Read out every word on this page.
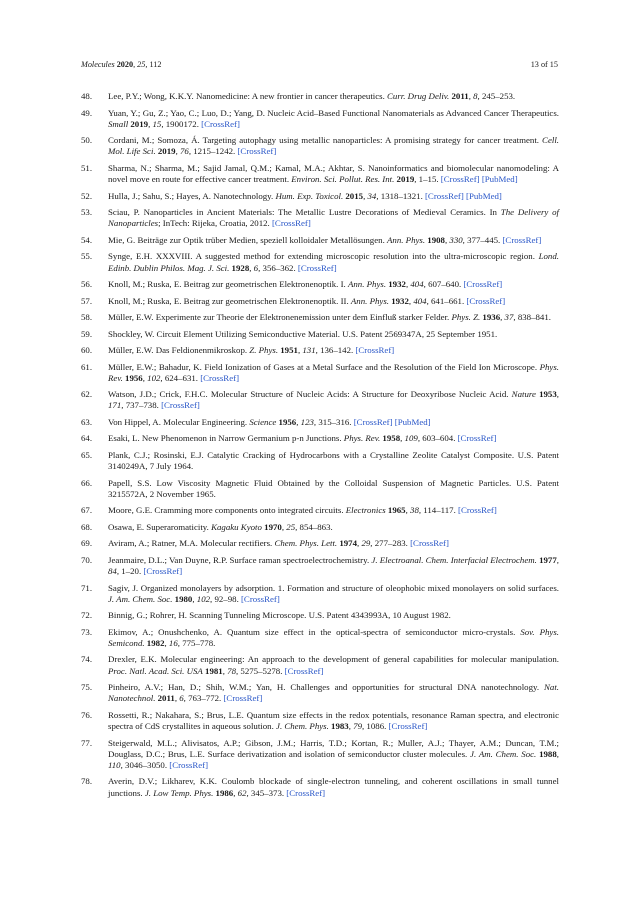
Molecules 2020, 25, 112	13 of 15
48. Lee, P.Y.; Wong, K.K.Y. Nanomedicine: A new frontier in cancer therapeutics. Curr. Drug Deliv. 2011, 8, 245–253.
49. Yuan, Y.; Gu, Z.; Yao, C.; Luo, D.; Yang, D. Nucleic Acid–Based Functional Nanomaterials as Advanced Cancer Therapeutics. Small 2019, 15, 1900172. [CrossRef]
50. Cordani, M.; Somoza, Á. Targeting autophagy using metallic nanoparticles: A promising strategy for cancer treatment. Cell. Mol. Life Sci. 2019, 76, 1215–1242. [CrossRef]
51. Sharma, N.; Sharma, M.; Sajid Jamal, Q.M.; Kamal, M.A.; Akhtar, S. Nanoinformatics and biomolecular nanomodeling: A novel move en route for effective cancer treatment. Environ. Sci. Pollut. Res. Int. 2019, 1–15. [CrossRef] [PubMed]
52. Hulla, J.; Sahu, S.; Hayes, A. Nanotechnology. Hum. Exp. Toxicol. 2015, 34, 1318–1321. [CrossRef] [PubMed]
53. Sciau, P. Nanoparticles in Ancient Materials: The Metallic Lustre Decorations of Medieval Ceramics. In The Delivery of Nanoparticles; InTech: Rijeka, Croatia, 2012. [CrossRef]
54. Mie, G. Beiträge zur Optik trüber Medien, speziell kolloidaler Metallösungen. Ann. Phys. 1908, 330, 377–445. [CrossRef]
55. Synge, E.H. XXXVIII. A suggested method for extending microscopic resolution into the ultra-microscopic region. Lond. Edinb. Dublin Philos. Mag. J. Sci. 1928, 6, 356–362. [CrossRef]
56. Knoll, M.; Ruska, E. Beitrag zur geometrischen Elektronenoptik. I. Ann. Phys. 1932, 404, 607–640. [CrossRef]
57. Knoll, M.; Ruska, E. Beitrag zur geometrischen Elektronenoptik. II. Ann. Phys. 1932, 404, 641–661. [CrossRef]
58. Müller, E.W. Experimente zur Theorie der Elektronenemission unter dem Einfluß starker Felder. Phys. Z. 1936, 37, 838–841.
59. Shockley, W. Circuit Element Utilizing Semiconductive Material. U.S. Patent 2569347A, 25 September 1951.
60. Müller, E.W. Das Feldionenmikroskop. Z. Phys. 1951, 131, 136–142. [CrossRef]
61. Müller, E.W.; Bahadur, K. Field Ionization of Gases at a Metal Surface and the Resolution of the Field Ion Microscope. Phys. Rev. 1956, 102, 624–631. [CrossRef]
62. Watson, J.D.; Crick, F.H.C. Molecular Structure of Nucleic Acids: A Structure for Deoxyribose Nucleic Acid. Nature 1953, 171, 737–738. [CrossRef]
63. Von Hippel, A. Molecular Engineering. Science 1956, 123, 315–316. [CrossRef] [PubMed]
64. Esaki, L. New Phenomenon in Narrow Germanium p-n Junctions. Phys. Rev. 1958, 109, 603–604. [CrossRef]
65. Plank, C.J.; Rosinski, E.J. Catalytic Cracking of Hydrocarbons with a Crystalline Zeolite Catalyst Composite. U.S. Patent 3140249A, 7 July 1964.
66. Papell, S.S. Low Viscosity Magnetic Fluid Obtained by the Colloidal Suspension of Magnetic Particles. U.S. Patent 3215572A, 2 November 1965.
67. Moore, G.E. Cramming more components onto integrated circuits. Electronics 1965, 38, 114–117. [CrossRef]
68. Osawa, E. Superaromaticity. Kagaku Kyoto 1970, 25, 854–863.
69. Aviram, A.; Ratner, M.A. Molecular rectifiers. Chem. Phys. Lett. 1974, 29, 277–283. [CrossRef]
70. Jeanmaire, D.L.; Van Duyne, R.P. Surface raman spectroelectrochemistry. J. Electroanal. Chem. Interfacial Electrochem. 1977, 84, 1–20. [CrossRef]
71. Sagiv, J. Organized monolayers by adsorption. 1. Formation and structure of oleophobic mixed monolayers on solid surfaces. J. Am. Chem. Soc. 1980, 102, 92–98. [CrossRef]
72. Binnig, G.; Rohrer, H. Scanning Tunneling Microscope. U.S. Patent 4343993A, 10 August 1982.
73. Ekimov, A.; Onushchenko, A. Quantum size effect in the optical-spectra of semiconductor micro-crystals. Sov. Phys. Semicond. 1982, 16, 775–778.
74. Drexler, E.K. Molecular engineering: An approach to the development of general capabilities for molecular manipulation. Proc. Natl. Acad. Sci. USA 1981, 78, 5275–5278. [CrossRef]
75. Pinheiro, A.V.; Han, D.; Shih, W.M.; Yan, H. Challenges and opportunities for structural DNA nanotechnology. Nat. Nanotechnol. 2011, 6, 763–772. [CrossRef]
76. Rossetti, R.; Nakahara, S.; Brus, L.E. Quantum size effects in the redox potentials, resonance Raman spectra, and electronic spectra of CdS crystallites in aqueous solution. J. Chem. Phys. 1983, 79, 1086. [CrossRef]
77. Steigerwald, M.L.; Alivisatos, A.P.; Gibson, J.M.; Harris, T.D.; Kortan, R.; Muller, A.J.; Thayer, A.M.; Duncan, T.M.; Douglass, D.C.; Brus, L.E. Surface derivatization and isolation of semiconductor cluster molecules. J. Am. Chem. Soc. 1988, 110, 3046–3050. [CrossRef]
78. Averin, D.V.; Likharev, K.K. Coulomb blockade of single-electron tunneling, and coherent oscillations in small tunnel junctions. J. Low Temp. Phys. 1986, 62, 345–373. [CrossRef]
